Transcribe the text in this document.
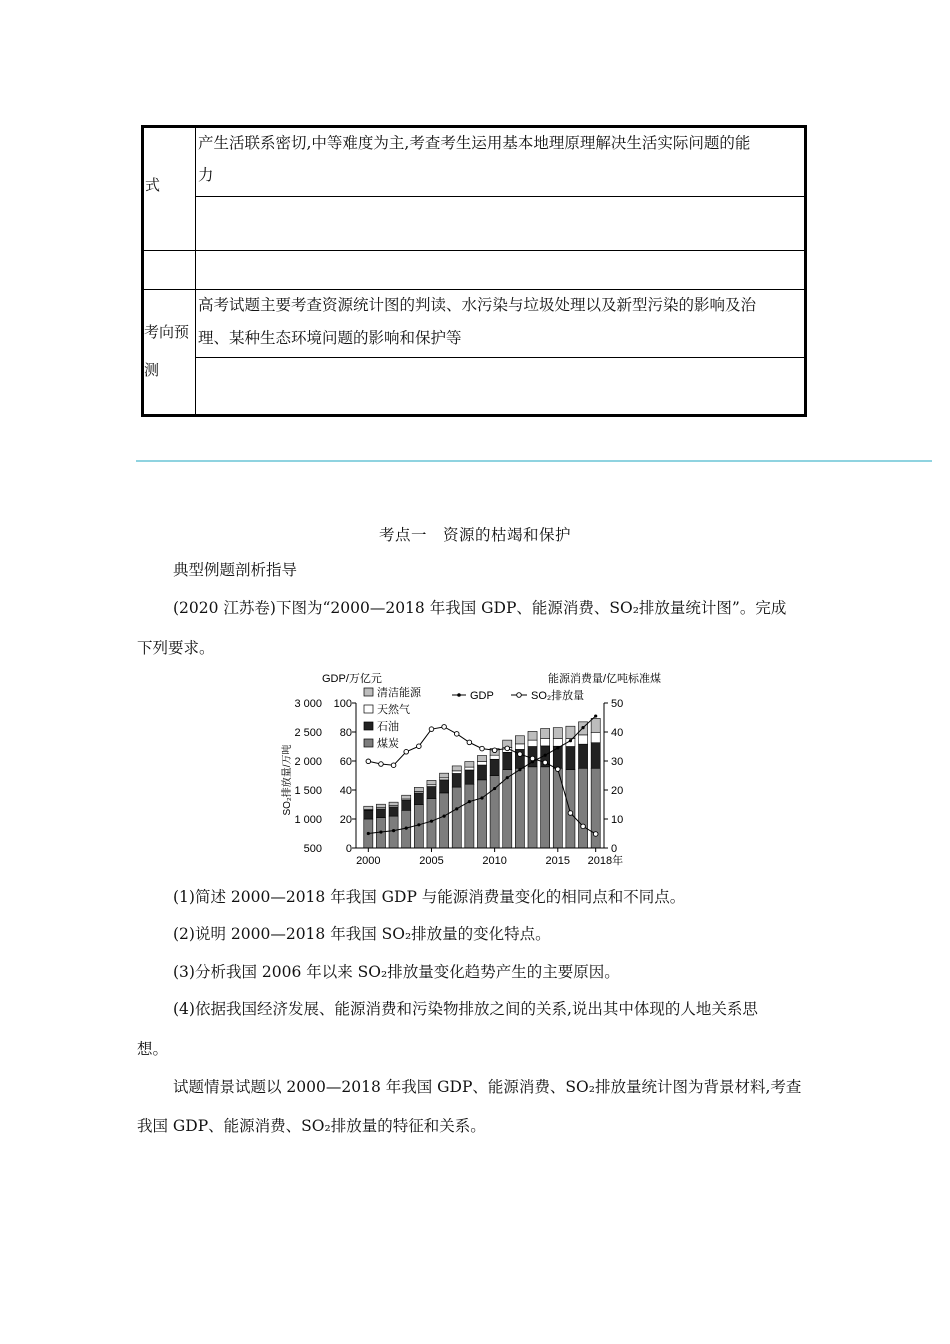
式
产生活联系密切,中等难度为主,考查考生运用基本地理原理解决生活实际问题的能
力
考向预
测
高考试题主要考查资源统计图的判读、水污染与垃圾处理以及新型污染的影响及治
理、某种生态环境问题的影响和保护等
考点一　资源的枯竭和保护
典型例题剖析指导
(2020 江苏卷)下图为“2000—2018 年我国 GDP、能源消费、SO₂排放量统计图”。完成
下列要求。
500 0	0
1 000 20	10
1 500 40	20
2 000 60	30
2 500 80	40
3 000 100	50
2000	2005	2010	2015 2018年
GDP/万亿元	能源消费量/亿吨标准煤
SO₂排放量/万吨
清洁能源
天然气
石油
煤炭
GDP	SO₂排放量
(1)简述 2000—2018 年我国 GDP 与能源消费量变化的相同点和不同点。
(2)说明 2000—2018 年我国 SO₂排放量的变化特点。
(3)分析我国 2006 年以来 SO₂排放量变化趋势产生的主要原因。
(4)依据我国经济发展、能源消费和污染物排放之间的关系,说出其中体现的人地关系思
想。
试题情景试题以 2000—2018 年我国 GDP、能源消费、SO₂排放量统计图为背景材料,考查
我国 GDP、能源消费、SO₂排放量的特征和关系。
